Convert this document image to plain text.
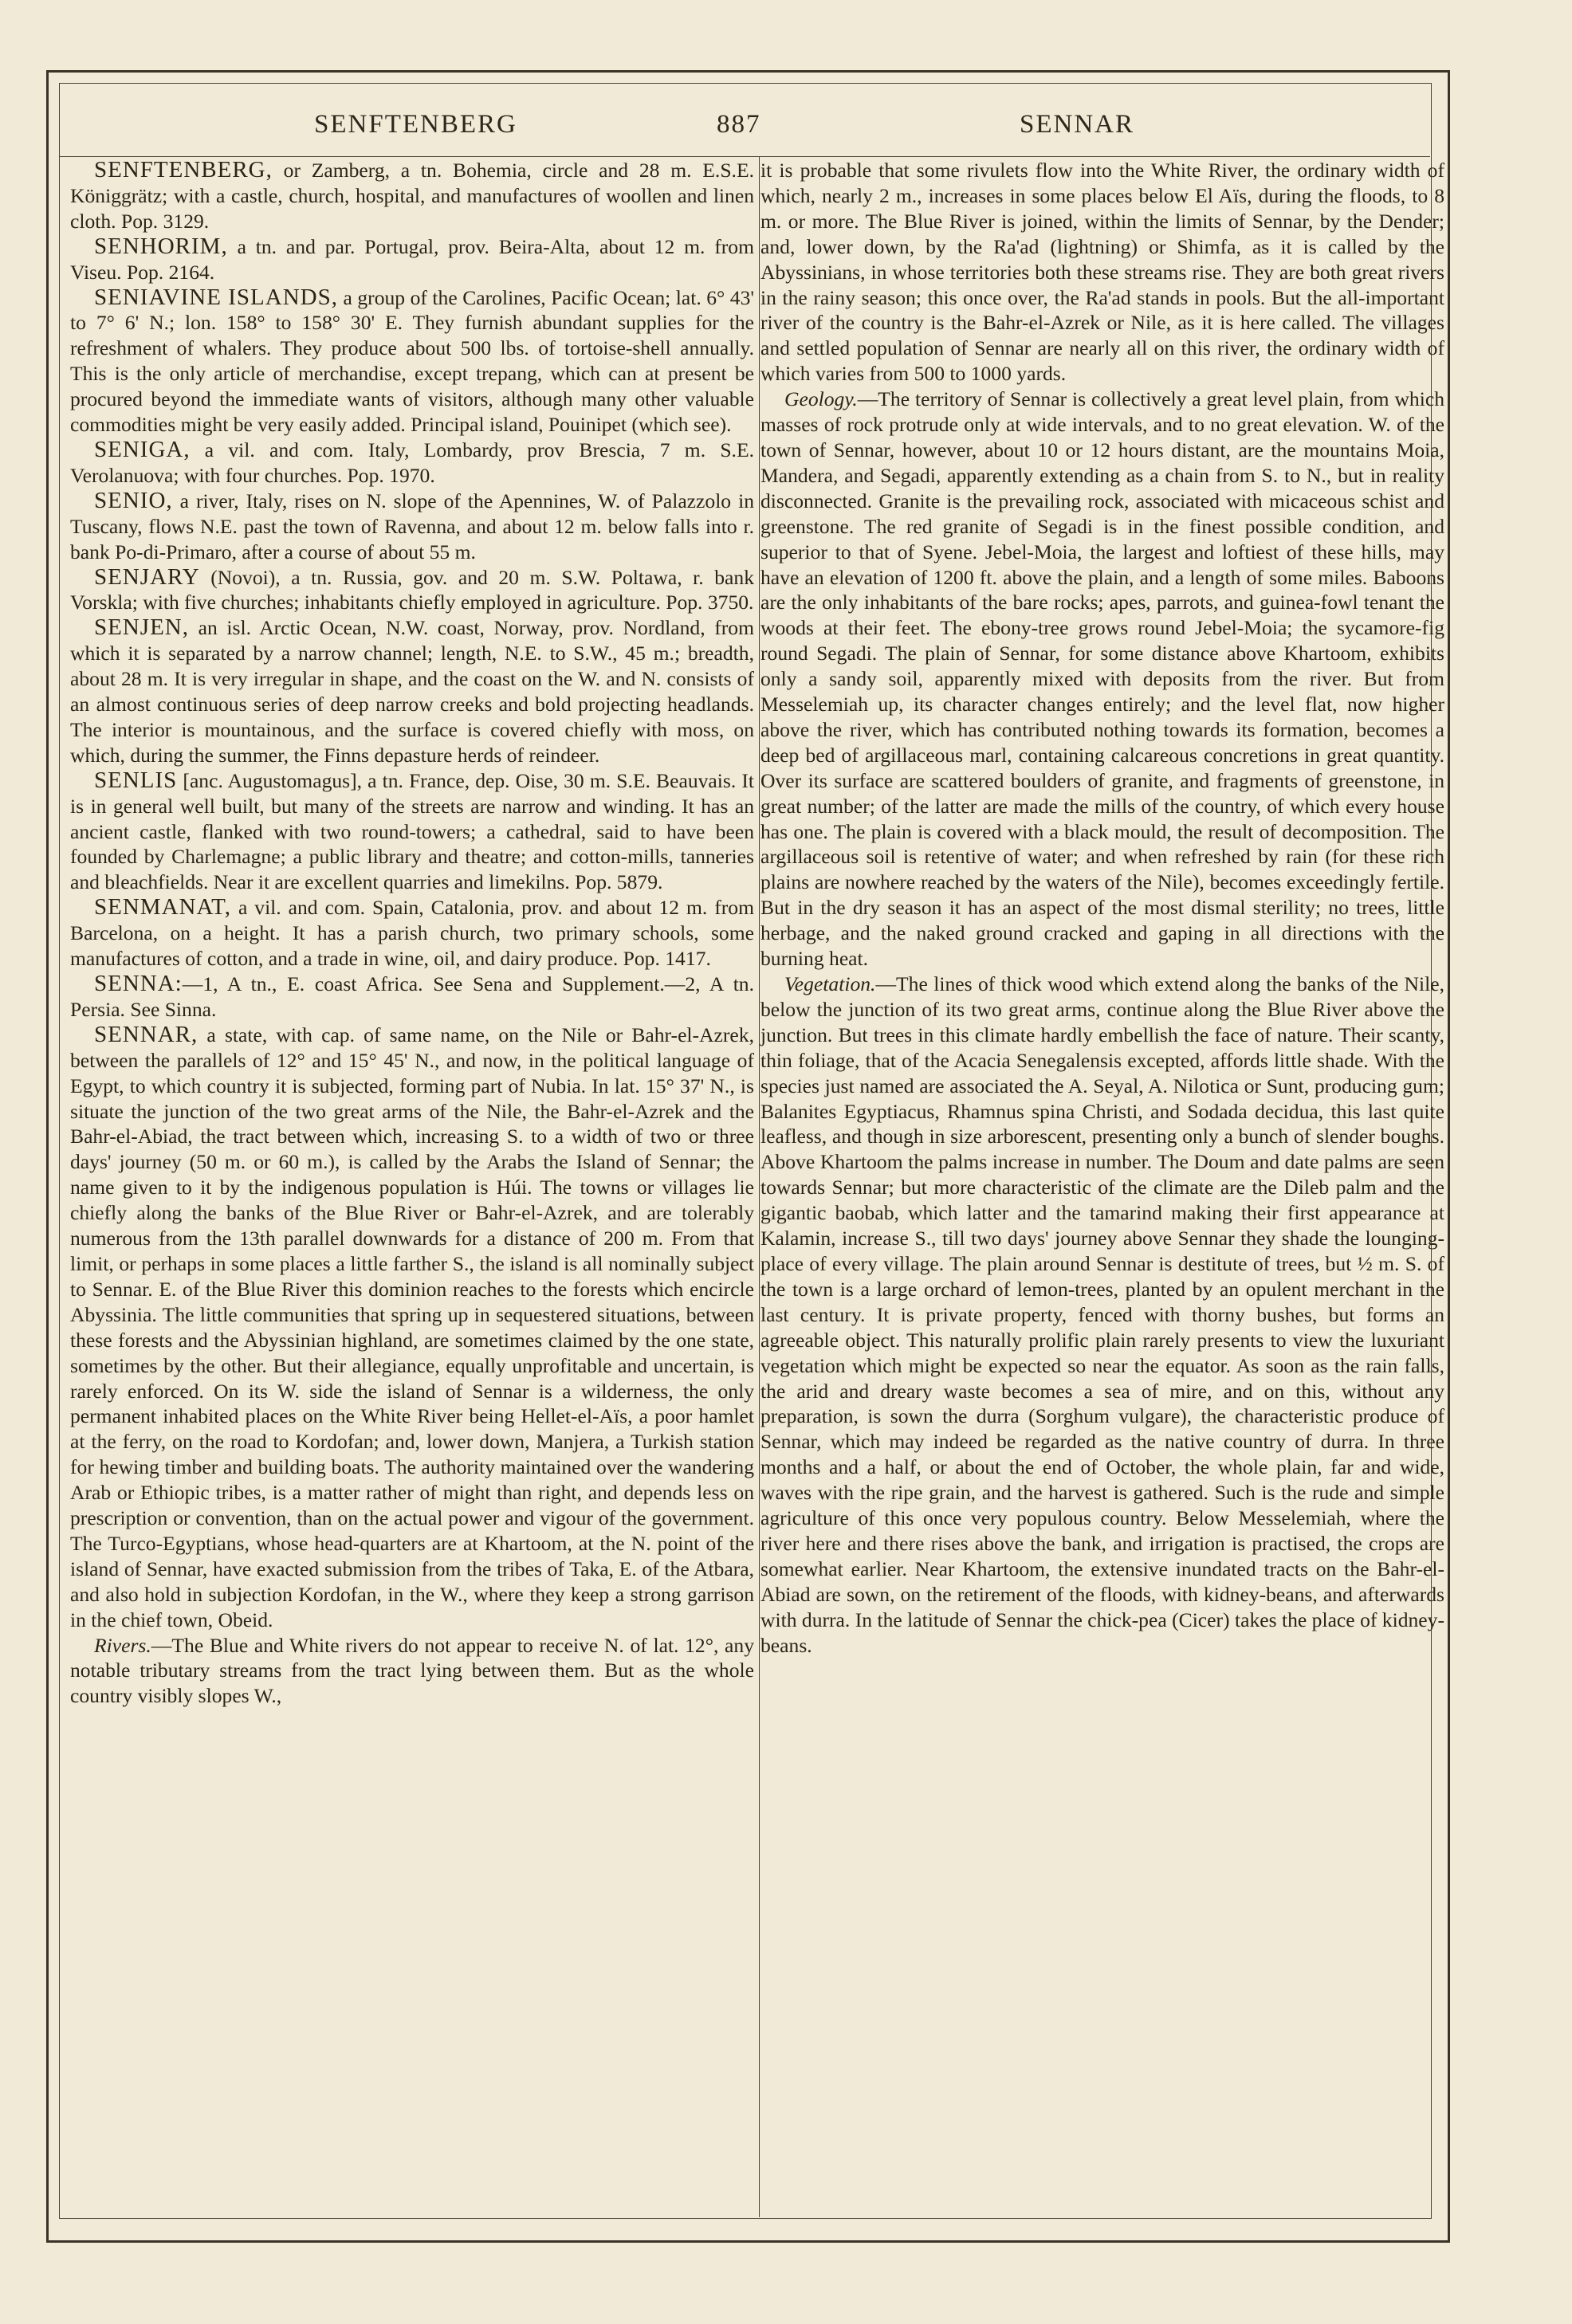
SENFTENBERG	887	SENNAR

SENFTENBERG, or Zamberg, a tn. Bohemia, circle and 28 m. E.S.E. Königgrätz; with a castle, church, hospital, and manufactures of woollen and linen cloth. Pop. 3129.

SENHORIM, a tn. and par. Portugal, prov. Beira-Alta, about 12 m. from Viseu. Pop. 2164.

SENIAVINE ISLANDS, a group of the Carolines, Pacific Ocean; lat. 6° 43' to 7° 6' N.; lon. 158° to 158° 30' E. They furnish abundant supplies for the refreshment of whalers. They produce about 500 lbs. of tortoise-shell annually. This is the only article of merchandise, except trepang, which can at present be procured beyond the immediate wants of visitors, although many other valuable commodities might be very easily added. Principal island, Pouinipet (which see).

SENIGA, a vil. and com. Italy, Lombardy, prov Brescia, 7 m. S.E. Verolanuova; with four churches. Pop. 1970.

SENIO, a river, Italy, rises on N. slope of the Apennines, W. of Palazzolo in Tuscany, flows N.E. past the town of Ravenna, and about 12 m. below falls into r. bank Po-di-Primaro, after a course of about 55 m.

SENJARY (Novoi), a tn. Russia, gov. and 20 m. S.W. Poltawa, r. bank Vorskla; with five churches; inhabitants chiefly employed in agriculture. Pop. 3750.

SENJEN, an isl. Arctic Ocean, N.W. coast, Norway, prov. Nordland, from which it is separated by a narrow channel; length, N.E. to S.W., 45 m.; breadth, about 28 m. It is very irregular in shape, and the coast on the W. and N. consists of an almost continuous series of deep narrow creeks and bold projecting headlands. The interior is mountainous, and the surface is covered chiefly with moss, on which, during the summer, the Finns depasture herds of reindeer.

SENLIS [anc. Augustomagus], a tn. France, dep. Oise, 30 m. S.E. Beauvais. It is in general well built, but many of the streets are narrow and winding. It has an ancient castle, flanked with two round-towers; a cathedral, said to have been founded by Charlemagne; a public library and theatre; and cotton-mills, tanneries and bleachfields. Near it are excellent quarries and limekilns. Pop. 5879.

SENMANAT, a vil. and com. Spain, Catalonia, prov. and about 12 m. from Barcelona, on a height. It has a parish church, two primary schools, some manufactures of cotton, and a trade in wine, oil, and dairy produce. Pop. 1417.

SENNA:—1, A tn., E. coast Africa. See Sena and Supplement.—2, A tn. Persia. See Sinna.

SENNAR, a state, with cap. of same name, on the Nile or Bahr-el-Azrek, between the parallels of 12° and 15° 45' N., and now, in the political language of Egypt, to which country it is subjected, forming part of Nubia. In lat. 15° 37' N., is situate the junction of the two great arms of the Nile, the Bahr-el-Azrek and the Bahr-el-Abiad, the tract between which, increasing S. to a width of two or three days' journey (50 m. or 60 m.), is called by the Arabs the Island of Sennar; the name given to it by the indigenous population is Húi. The towns or villages lie chiefly along the banks of the Blue River or Bahr-el-Azrek, and are tolerably numerous from the 13th parallel downwards for a distance of 200 m. From that limit, or perhaps in some places a little farther S., the island is all nominally subject to Sennar. E. of the Blue River this dominion reaches to the forests which encircle Abyssinia. The little communities that spring up in sequestered situations, between these forests and the Abyssinian highland, are sometimes claimed by the one state, sometimes by the other. But their allegiance, equally unprofitable and uncertain, is rarely enforced. On its W. side the island of Sennar is a wilderness, the only permanent inhabited places on the White River being Hellet-el-Aïs, a poor hamlet at the ferry, on the road to Kordofan; and, lower down, Manjera, a Turkish station for hewing timber and building boats. The authority maintained over the wandering Arab or Ethiopic tribes, is a matter rather of might than right, and depends less on prescription or convention, than on the actual power and vigour of the government. The Turco-Egyptians, whose head-quarters are at Khartoom, at the N. point of the island of Sennar, have exacted submission from the tribes of Taka, E. of the Atbara, and also hold in subjection Kordofan, in the W., where they keep a strong garrison in the chief town, Obeid.

Rivers.—The Blue and White rivers do not appear to receive N. of lat. 12°, any notable tributary streams from the tract lying between them. But as the whole country visibly slopes W.,

it is probable that some rivulets flow into the White River, the ordinary width of which, nearly 2 m., increases in some places below El Aïs, during the floods, to 8 m. or more. The Blue River is joined, within the limits of Sennar, by the Dender; and, lower down, by the Ra'ad (lightning) or Shimfa, as it is called by the Abyssinians, in whose territories both these streams rise. They are both great rivers in the rainy season; this once over, the Ra'ad stands in pools. But the all-important river of the country is the Bahr-el-Azrek or Nile, as it is here called. The villages and settled population of Sennar are nearly all on this river, the ordinary width of which varies from 500 to 1000 yards.

Geology.—The territory of Sennar is collectively a great level plain, from which masses of rock protrude only at wide intervals, and to no great elevation. W. of the town of Sennar, however, about 10 or 12 hours distant, are the mountains Moia, Mandera, and Segadi, apparently extending as a chain from S. to N., but in reality disconnected. Granite is the prevailing rock, associated with micaceous schist and greenstone. The red granite of Segadi is in the finest possible condition, and superior to that of Syene. Jebel-Moia, the largest and loftiest of these hills, may have an elevation of 1200 ft. above the plain, and a length of some miles. Baboons are the only inhabitants of the bare rocks; apes, parrots, and guinea-fowl tenant the woods at their feet. The ebony-tree grows round Jebel-Moia; the sycamore-fig round Segadi. The plain of Sennar, for some distance above Khartoom, exhibits only a sandy soil, apparently mixed with deposits from the river. But from Messelemiah up, its character changes entirely; and the level flat, now higher above the river, which has contributed nothing towards its formation, becomes a deep bed of argillaceous marl, containing calcareous concretions in great quantity. Over its surface are scattered boulders of granite, and fragments of greenstone, in great number; of the latter are made the mills of the country, of which every house has one. The plain is covered with a black mould, the result of decomposition. The argillaceous soil is retentive of water; and when refreshed by rain (for these rich plains are nowhere reached by the waters of the Nile), becomes exceedingly fertile. But in the dry season it has an aspect of the most dismal sterility; no trees, little herbage, and the naked ground cracked and gaping in all directions with the burning heat.

Vegetation.—The lines of thick wood which extend along the banks of the Nile, below the junction of its two great arms, continue along the Blue River above the junction. But trees in this climate hardly embellish the face of nature. Their scanty, thin foliage, that of the Acacia Senegalensis excepted, affords little shade. With the species just named are associated the A. Seyal, A. Nilotica or Sunt, producing gum; Balanites Egyptiacus, Rhamnus spina Christi, and Sodada decidua, this last quite leafless, and though in size arborescent, presenting only a bunch of slender boughs. Above Khartoom the palms increase in number. The Doum and date palms are seen towards Sennar; but more characteristic of the climate are the Dileb palm and the gigantic baobab, which latter and the tamarind making their first appearance at Kalamin, increase S., till two days' journey above Sennar they shade the lounging-place of every village. The plain around Sennar is destitute of trees, but ½ m. S. of the town is a large orchard of lemon-trees, planted by an opulent merchant in the last century. It is private property, fenced with thorny bushes, but forms an agreeable object. This naturally prolific plain rarely presents to view the luxuriant vegetation which might be expected so near the equator. As soon as the rain falls, the arid and dreary waste becomes a sea of mire, and on this, without any preparation, is sown the durra (Sorghum vulgare), the characteristic produce of Sennar, which may indeed be regarded as the native country of durra. In three months and a half, or about the end of October, the whole plain, far and wide, waves with the ripe grain, and the harvest is gathered. Such is the rude and simple agriculture of this once very populous country. Below Messelemiah, where the river here and there rises above the bank, and irrigation is practised, the crops are somewhat earlier. Near Khartoom, the extensive inundated tracts on the Bahr-el-Abiad are sown, on the retirement of the floods, with kidney-beans, and afterwards with durra. In the latitude of Sennar the chick-pea (Cicer) takes the place of kidney-beans.
